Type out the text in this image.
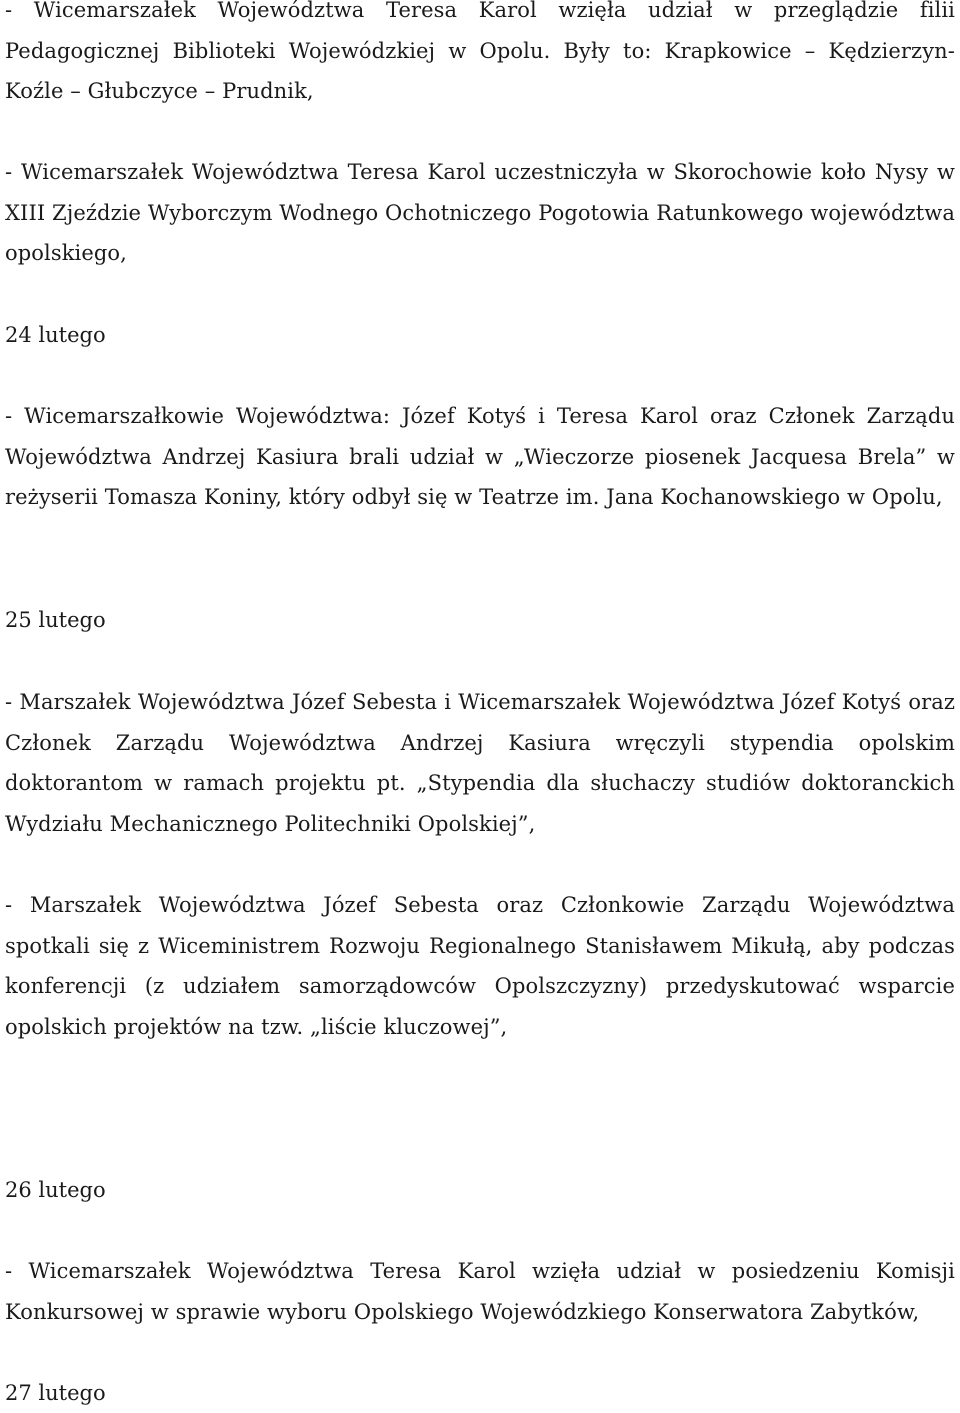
- Wicemarszałek Województwa Teresa Karol wzięła udział w przeglądzie filii Pedagogicznej Biblioteki Wojewódzkiej w Opolu. Były to: Krapkowice – Kędzierzyn-Koźle – Głubczyce – Prudnik,

- Wicemarszałek Województwa Teresa Karol uczestniczyła w Skorochowie koło Nysy w XIII Zjeździe Wyborczym Wodnego Ochotniczego Pogotowia Ratunkowego województwa opolskiego,

24 lutego

- Wicemarszałkowie Województwa: Józef Kotyś i Teresa Karol oraz Członek Zarządu Województwa Andrzej Kasiura brali udział w „Wieczorze piosenek Jacquesa Brela” w reżyserii Tomasza Koniny, który odbył się w Teatrze im. Jana Kochanowskiego w Opolu,

25 lutego

- Marszałek Województwa Józef Sebesta i Wicemarszałek Województwa Józef Kotyś oraz Członek Zarządu Województwa Andrzej Kasiura wręczyli stypendia opolskim doktorantom w ramach projektu pt. „Stypendia dla słuchaczy studiów doktoranckich Wydziału Mechanicznego Politechniki Opolskiej”,

- Marszałek Województwa Józef Sebesta oraz Członkowie Zarządu Województwa spotkali się z Wiceministrem Rozwoju Regionalnego Stanisławem Mikułą, aby podczas konferencji (z udziałem samorządowców Opolszczyzny) przedyskutować wsparcie opolskich projektów na tzw. „liście kluczowej”,

26 lutego

- Wicemarszałek Województwa Teresa Karol wzięła udział w posiedzeniu Komisji Konkursowej w sprawie wyboru Opolskiego Wojewódzkiego Konserwatora Zabytków,

27 lutego
